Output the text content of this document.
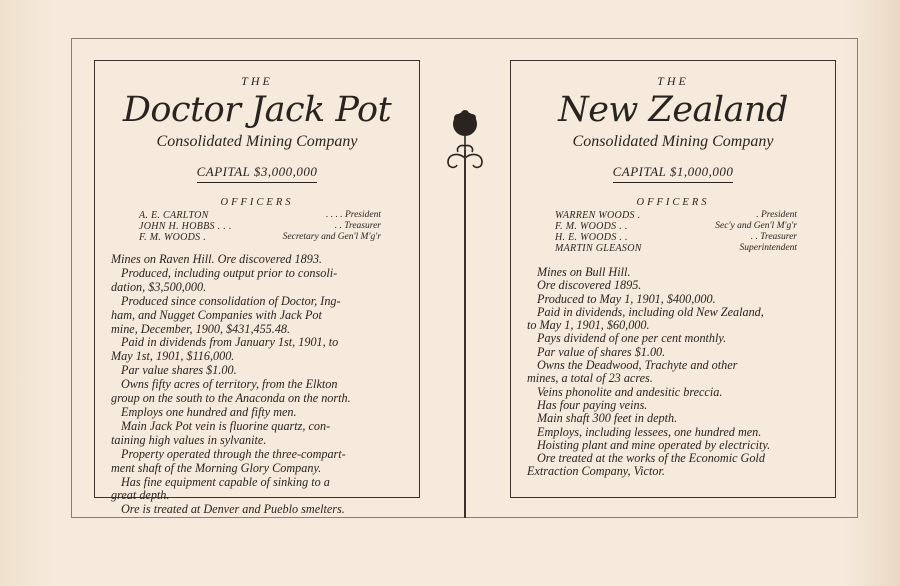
THE
Doctor Jack Pot
Consolidated Mining Company
CAPITAL $3,000,000
OFFICERS
A. E. CARLTON	. . . . President
JOHN H. HOBBS . . .	. . Treasurer
F. M. WOODS .	Secretary and Gen'l M'g'r
Mines on Raven Hill. Ore discovered 1893.
Produced, including output prior to consoli-
dation, $3,500,000.
Produced since consolidation of Doctor, Ing-
ham, and Nugget Companies with Jack Pot
mine, December, 1900, $431,455.48.
Paid in dividends from January 1st, 1901, to
May 1st, 1901, $116,000.
Par value shares $1.00.
Owns fifty acres of territory, from the Elkton
group on the south to the Anaconda on the north.
Employs one hundred and fifty men.
Main Jack Pot vein is fluorine quartz, con-
taining high values in sylvanite.
Property operated through the three-compart-
ment shaft of the Morning Glory Company.
Has fine equipment capable of sinking to a
great depth.
Ore is treated at Denver and Pueblo smelters.
THE
New Zealand
Consolidated Mining Company
CAPITAL $1,000,000
OFFICERS
WARREN WOODS .	. President
F. M. WOODS . .	Sec'y and Gen'l M'g'r
H. E. WOODS . .	. . Treasurer
MARTIN GLEASON	Superintendent
Mines on Bull Hill.
Ore discovered 1895.
Produced to May 1, 1901, $400,000.
Paid in dividends, including old New Zealand,
to May 1, 1901, $60,000.
Pays dividend of one per cent monthly.
Par value of shares $1.00.
Owns the Deadwood, Trachyte and other
mines, a total of 23 acres.
Veins phonolite and andesitic breccia.
Has four paying veins.
Main shaft 300 feet in depth.
Employs, including lessees, one hundred men.
Hoisting plant and mine operated by electricity.
Ore treated at the works of the Economic Gold
Extraction Company, Victor.
